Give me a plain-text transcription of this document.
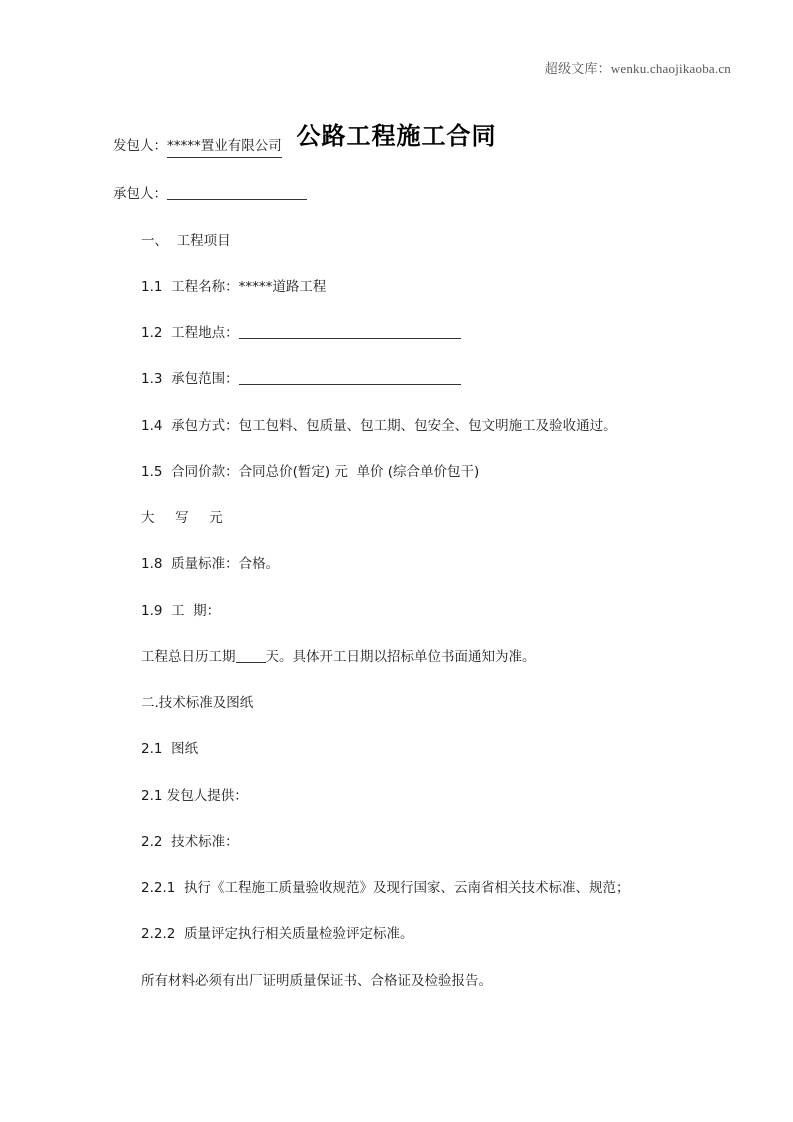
超级文库：wenku.chaojikaoba.cn
公路工程施工合同

发包人：*****置业有限公司

承包人：

一、  工程项目

1.1 工程名称：*****道路工程

1.2 工程地点：

1.3 承包范围：

1.4 承包方式：包工包料、包质量、包工期、包安全、包文明施工及验收通过。

1.5 合同价款：合同总价(暂定) 元  单价 (综合单价包干)

大  写  元

1.8 质量标准：合格。

1.9 工  期：

工程总日历工期 天。具体开工日期以招标单位书面通知为准。

二.技术标准及图纸

2.1 图纸

2.1 发包人提供：

2.2 技术标准：

2.2.1 执行《工程施工质量验收规范》及现行国家、云南省相关技术标准、规范；

2.2.2 质量评定执行相关质量检验评定标准。

所有材料必须有出厂证明质量保证书、合格证及检验报告。
